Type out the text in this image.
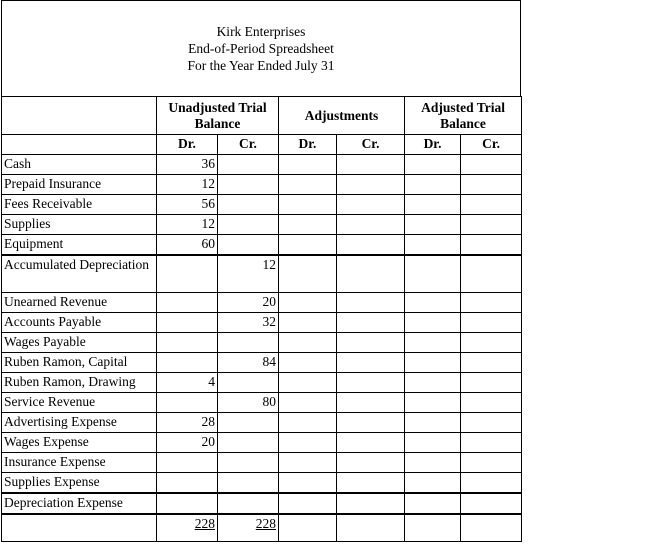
Kirk Enterprises
End-of-Period Spreadsheet
For the Year Ended July 31
	Unadjusted Trial Balance		Adjustments		Adjusted Trial Balance	
	Dr.	Cr.	Dr.	Cr.	Dr.	Cr.
Cash	36					
Prepaid Insurance	12					
Fees Receivable	56					
Supplies	12					
Equipment	60					
Accumulated Depreciation		12				
Unearned Revenue		20				
Accounts Payable		32				
Wages Payable						
Ruben Ramon, Capital		84				
Ruben Ramon, Drawing	4					
Service Revenue		80				
Advertising Expense	28					
Wages Expense	20					
Insurance Expense						
Supplies Expense						
Depreciation Expense						
	228	228				
